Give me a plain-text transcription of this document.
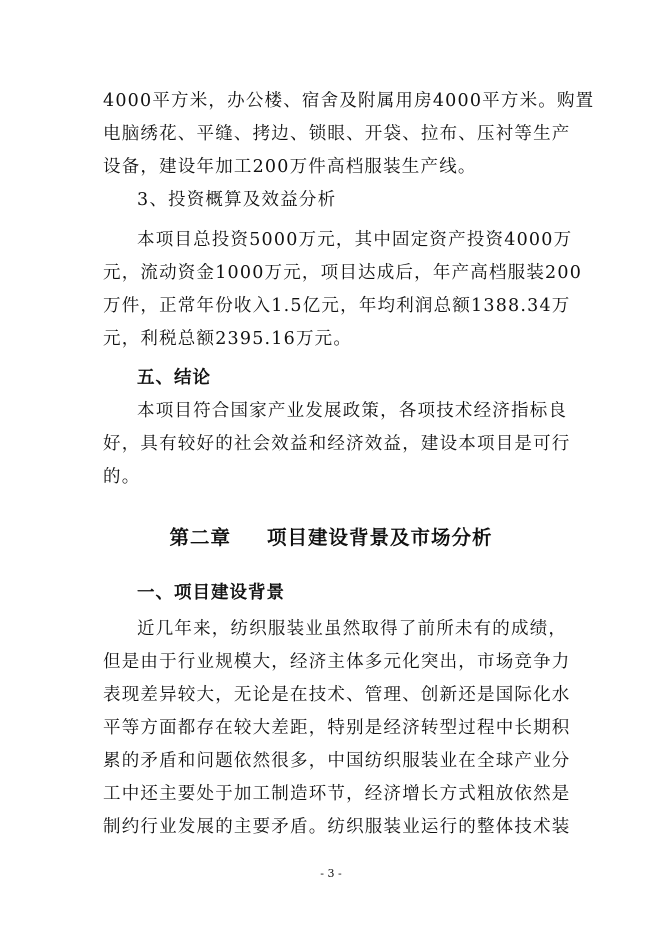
4000平方米，办公楼、宿舍及附属用房4000平方米。购置
电脑绣花、平缝、拷边、锁眼、开袋、拉布、压衬等生产
设备，建设年加工200万件高档服装生产线。
3、投资概算及效益分析
本项目总投资5000万元，其中固定资产投资4000万
元，流动资金1000万元，项目达成后，年产高档服装200
万件，正常年份收入1.5亿元，年均利润总额1388.34万
元，利税总额2395.16万元。
五、结论
本项目符合国家产业发展政策，各项技术经济指标良
好，具有较好的社会效益和经济效益，建设本项目是可行
的。
第二章 项目建设背景及市场分析
一、项目建设背景
近几年来，纺织服装业虽然取得了前所未有的成绩，
但是由于行业规模大，经济主体多元化突出，市场竞争力
表现差异较大，无论是在技术、管理、创新还是国际化水
平等方面都存在较大差距，特别是经济转型过程中长期积
累的矛盾和问题依然很多，中国纺织服装业在全球产业分
工中还主要处于加工制造环节，经济增长方式粗放依然是
制约行业发展的主要矛盾。纺织服装业运行的整体技术装
- 3 -
